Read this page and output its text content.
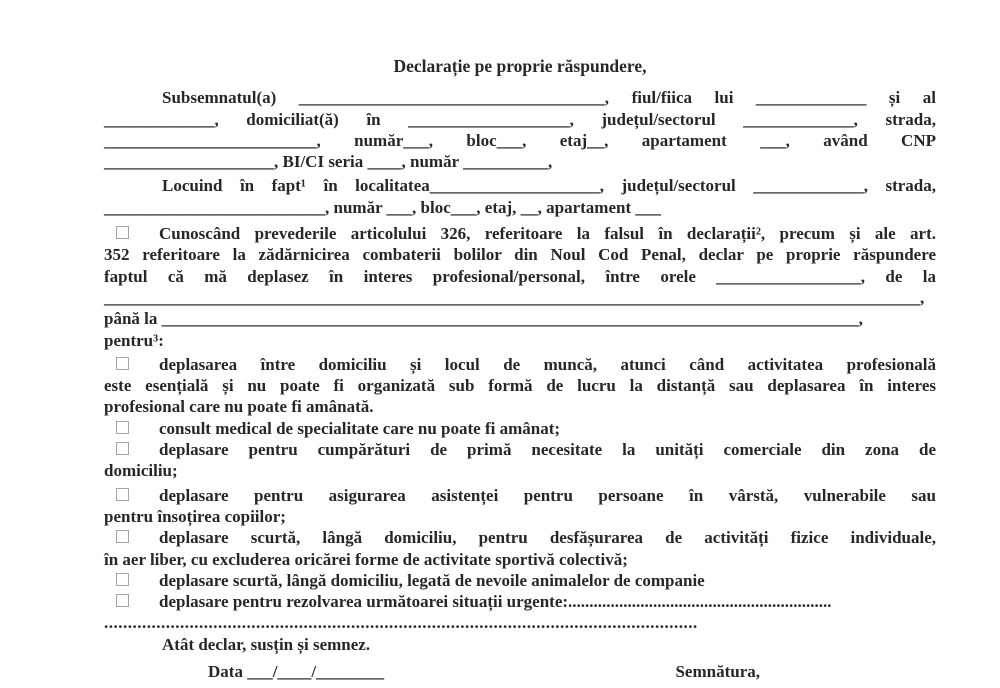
Declarație pe proprie răspundere,
Subsemnatul(a) ____________________________________, fiul/fiica lui _____________ și al
_____________, domiciliat(ă) în ___________________, județul/sectorul _____________, strada,
_________________________, număr___, bloc___, etaj__, apartament ___, având CNP
____________________, BI/CI seria ____, număr __________,
Locuind în fapt¹ în localitatea____________________, județul/sectorul _____________, strada,
__________________________, număr ___, bloc___, etaj, __, apartament ___
Cunoscând prevederile articolului 326, referitoare la falsul în declarații², precum și ale art.
352 referitoare la zădărnicirea combaterii bolilor din Noul Cod Penal, declar pe proprie răspundere
faptul că mă deplasez în interes profesional/personal, între orele _________________, de la
________________________________________________________________________________________________,
până la __________________________________________________________________________________,
pentru³:
deplasarea între domiciliu și locul de muncă, atunci când activitatea profesională
este esențială și nu poate fi organizată sub formă de lucru la distanță sau deplasarea în interes
profesional care nu poate fi amânată.
consult medical de specialitate care nu poate fi amânat;
deplasare pentru cumpărături de primă necesitate la unități comerciale din zona de
domiciliu;
deplasare pentru asigurarea asistenței pentru persoane în vârstă, vulnerabile sau
pentru însoțirea copiilor;
deplasare scurtă, lângă domiciliu, pentru desfășurarea de activități fizice individuale,
în aer liber, cu excluderea oricărei forme de activitate sportivă colectivă;
deplasare scurtă, lângă domiciliu, legată de nevoile animalelor de companie
deplasare pentru rezolvarea următoarei situații urgente:..............................................................
.............................................................................................................................
Atât declar, susțin și semnez.
Data ___/____/________	Semnătura,
